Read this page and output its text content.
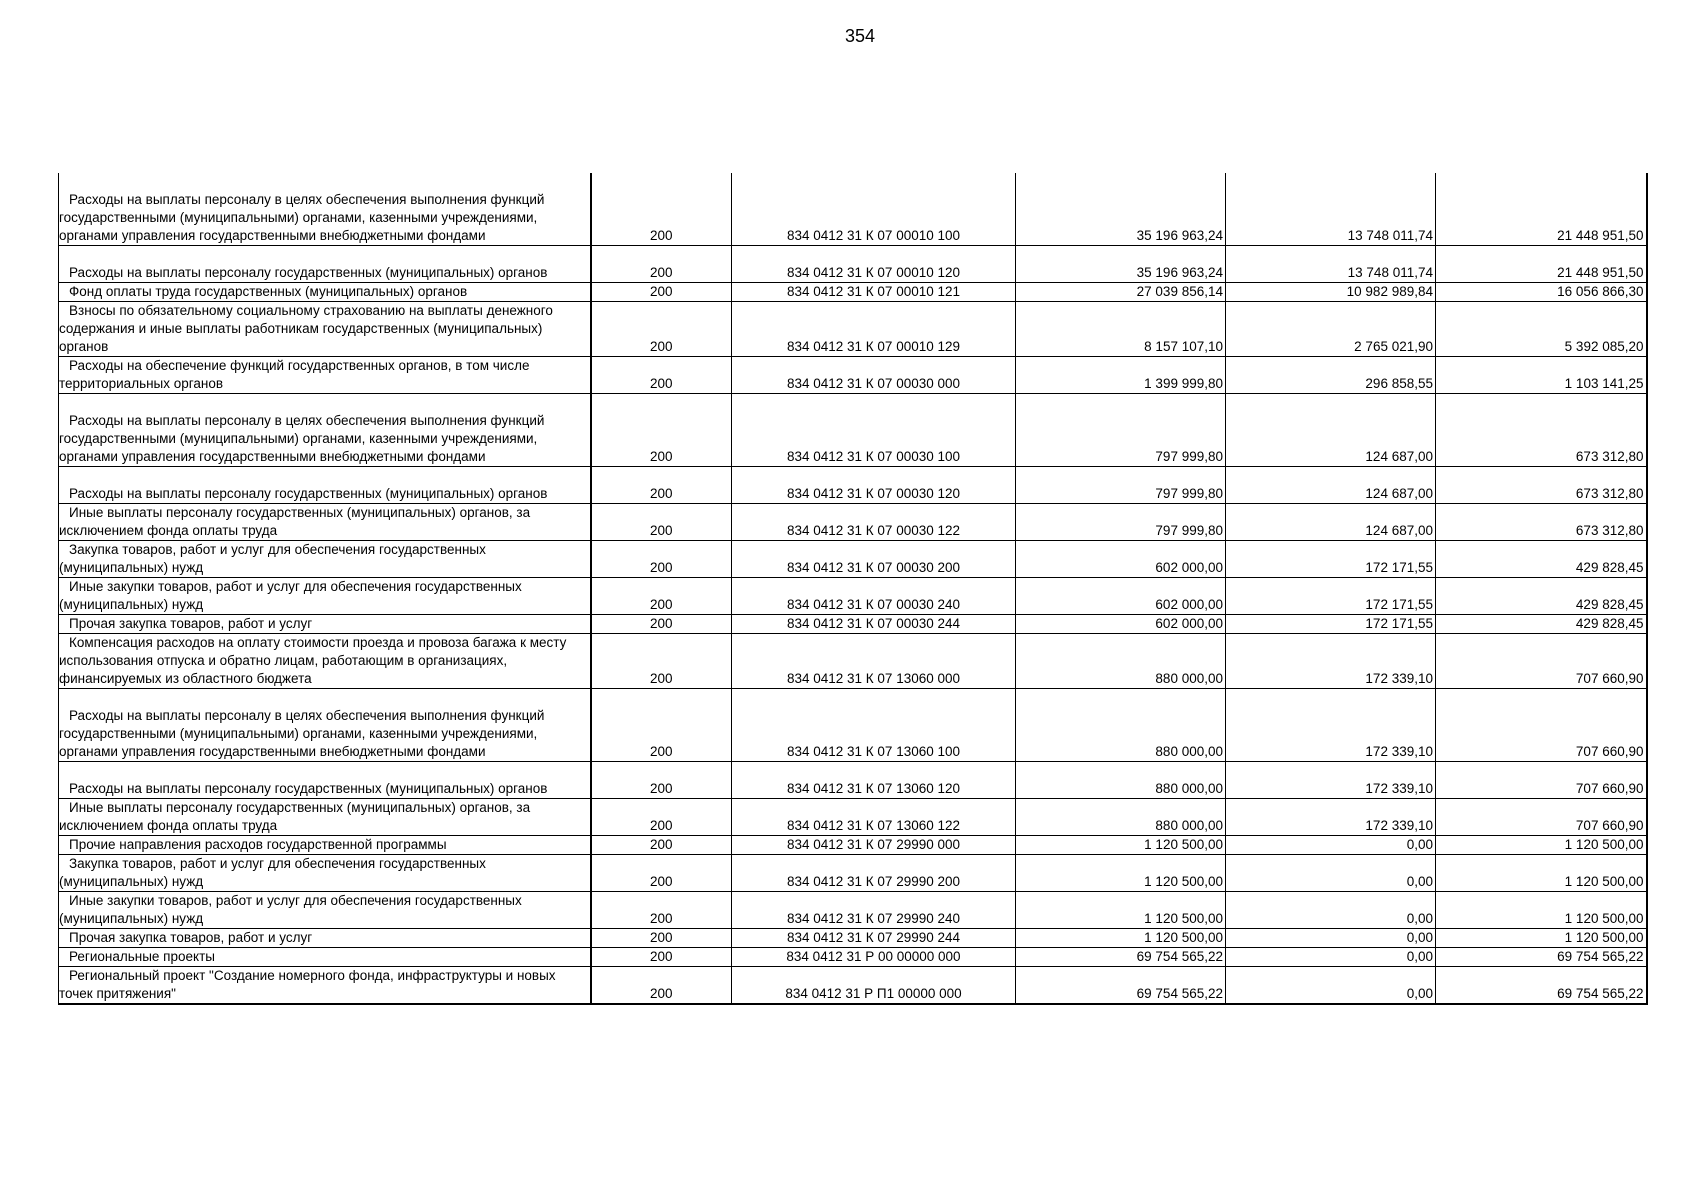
354
Расходы на выплаты персоналу в целях обеспечения выполнения функций государственными (муниципальными) органами, казенными учреждениями, органами управления государственными внебюджетными фондами	200	834 0412 31 К 07 00010 100	35 196 963,24	13 748 011,74	21 448 951,50

Расходы на выплаты персоналу государственных (муниципальных) органов	200	834 0412 31 К 07 00010 120	35 196 963,24	13 748 011,74	21 448 951,50

Фонд оплаты труда государственных (муниципальных) органов	200	834 0412 31 К 07 00010 121	27 039 856,14	10 982 989,84	16 056 866,30

Взносы по обязательному социальному страхованию на выплаты денежного содержания и иные выплаты работникам государственных (муниципальных) органов	200	834 0412 31 К 07 00010 129	8 157 107,10	2 765 021,90	5 392 085,20

Расходы на обеспечение функций государственных органов, в том числе территориальных органов	200	834 0412 31 К 07 00030 000	1 399 999,80	296 858,55	1 103 141,25

Расходы на выплаты персоналу в целях обеспечения выполнения функций государственными (муниципальными) органами, казенными учреждениями, органами управления государственными внебюджетными фондами	200	834 0412 31 К 07 00030 100	797 999,80	124 687,00	673 312,80

Расходы на выплаты персоналу государственных (муниципальных) органов	200	834 0412 31 К 07 00030 120	797 999,80	124 687,00	673 312,80

Иные выплаты персоналу государственных (муниципальных) органов, за исключением фонда оплаты труда	200	834 0412 31 К 07 00030 122	797 999,80	124 687,00	673 312,80

Закупка товаров, работ и услуг для обеспечения государственных (муниципальных) нужд	200	834 0412 31 К 07 00030 200	602 000,00	172 171,55	429 828,45

Иные закупки товаров, работ и услуг для обеспечения государственных (муниципальных) нужд	200	834 0412 31 К 07 00030 240	602 000,00	172 171,55	429 828,45

Прочая закупка товаров, работ и услуг	200	834 0412 31 К 07 00030 244	602 000,00	172 171,55	429 828,45

Компенсация расходов на оплату стоимости проезда и провоза багажа к месту использования отпуска и обратно лицам, работающим в организациях, финансируемых из областного бюджета	200	834 0412 31 К 07 13060 000	880 000,00	172 339,10	707 660,90

Расходы на выплаты персоналу в целях обеспечения выполнения функций государственными (муниципальными) органами, казенными учреждениями, органами управления государственными внебюджетными фондами	200	834 0412 31 К 07 13060 100	880 000,00	172 339,10	707 660,90

Расходы на выплаты персоналу государственных (муниципальных) органов	200	834 0412 31 К 07 13060 120	880 000,00	172 339,10	707 660,90

Иные выплаты персоналу государственных (муниципальных) органов, за исключением фонда оплаты труда	200	834 0412 31 К 07 13060 122	880 000,00	172 339,10	707 660,90

Прочие направления расходов государственной программы	200	834 0412 31 К 07 29990 000	1 120 500,00	0,00	1 120 500,00

Закупка товаров, работ и услуг для обеспечения государственных (муниципальных) нужд	200	834 0412 31 К 07 29990 200	1 120 500,00	0,00	1 120 500,00

Иные закупки товаров, работ и услуг для обеспечения государственных (муниципальных) нужд	200	834 0412 31 К 07 29990 240	1 120 500,00	0,00	1 120 500,00

Прочая закупка товаров, работ и услуг	200	834 0412 31 К 07 29990 244	1 120 500,00	0,00	1 120 500,00

Региональные проекты	200	834 0412 31 Р 00 00000 000	69 754 565,22	0,00	69 754 565,22

Региональный проект "Создание номерного фонда, инфраструктуры и новых точек притяжения"	200	834 0412 31 Р П1 00000 000	69 754 565,22	0,00	69 754 565,22
